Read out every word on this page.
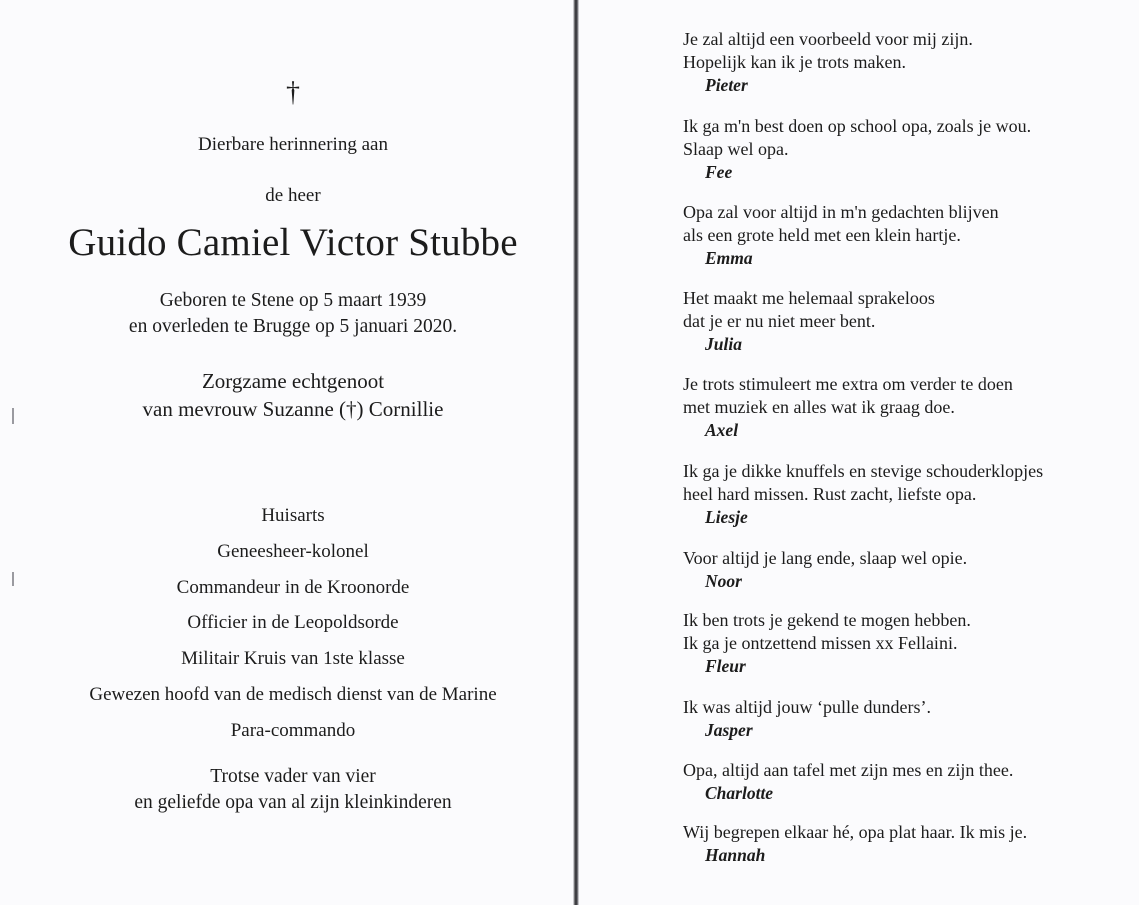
†
Dierbare herinnering aan
de heer
Guido Camiel Victor Stubbe
Geboren te Stene op 5 maart 1939
en overleden te Brugge op 5 januari 2020.
Zorgzame echtgenoot
van mevrouw Suzanne (†) Cornillie
Huisarts
Geneesheer-kolonel
Commandeur in de Kroonorde
Officier in de Leopoldsorde
Militair Kruis van 1ste klasse
Gewezen hoofd van de medisch dienst van de Marine
Para-commando
Trotse vader van vier
en geliefde opa van al zijn kleinkinderen
Je zal altijd een voorbeeld voor mij zijn.
Hopelijk kan ik je trots maken.
Pieter
Ik ga m'n best doen op school opa, zoals je wou.
Slaap wel opa.
Fee
Opa zal voor altijd in m'n gedachten blijven
als een grote held met een klein hartje.
Emma
Het maakt me helemaal sprakeloos
dat je er nu niet meer bent.
Julia
Je trots stimuleert me extra om verder te doen
met muziek en alles wat ik graag doe.
Axel
Ik ga je dikke knuffels en stevige schouderklopjes
heel hard missen. Rust zacht, liefste opa.
Liesje
Voor altijd je lang ende, slaap wel opie.
Noor
Ik ben trots je gekend te mogen hebben.
Ik ga je ontzettend missen xx Fellaini.
Fleur
Ik was altijd jouw ‘pulle dunders’.
Jasper
Opa, altijd aan tafel met zijn mes en zijn thee.
Charlotte
Wij begrepen elkaar hé, opa plat haar. Ik mis je.
Hannah
